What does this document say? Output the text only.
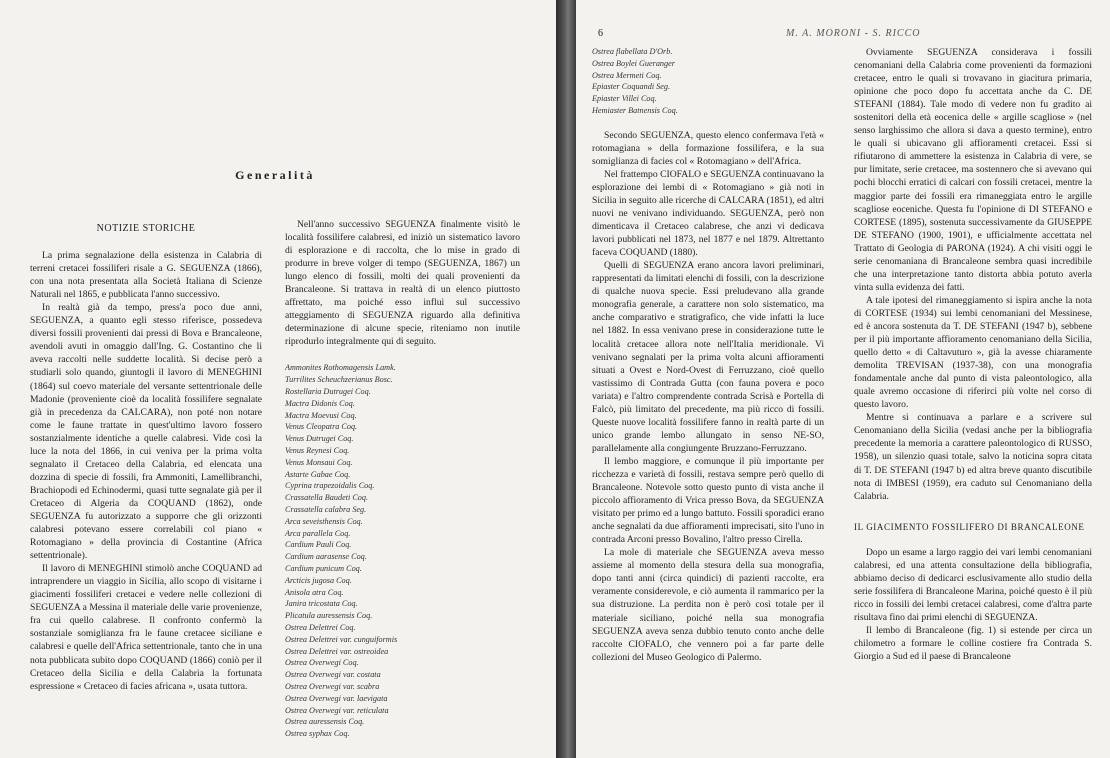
Generalità
NOTIZIE STORICHE

La prima segnalazione della esistenza in Calabria di terreni cretacei fossiliferi risale a G. SEGUENZA (1866), con una nota presentata alla Società Italiana di Scienze Naturali nel 1865, e pubblicata l'anno successivo.

In realtà già da tempo, press'a poco due anni, SEGUENZA, a quanto egli stesso riferisce, possedeva diversi fossili provenienti dai pressi di Bova e Brancaleone, avendoli avuti in omaggio dall'Ing. G. Costantino che li aveva raccolti nelle suddette località. Si decise però a studiarli solo quando, giuntogli il lavoro di MENEGHINI (1864) sul coevo materiale del versante settentrionale delle Madonie (proveniente cioè da località fossilifere segnalate già in precedenza da CALCARA), non poté non notare come le faune trattate in quest'ultimo lavoro fossero sostanzialmente identiche a quelle calabresi. Vide così la luce la nota del 1866, in cui veniva per la prima volta segnalato il Cretaceo della Calabria, ed elencata una dozzina di specie di fossili, fra Ammoniti, Lamellibranchi, Brachiopodi ed Echinodermi, quasi tutte segnalate già per il Cretaceo di Algeria da COQUAND (1862), onde SEGUENZA fu autorizzato a supporre che gli orizzonti calabresi potevano essere correlabili col piano « Rotomagiano » della provincia di Costantine (Africa settentrionale).

Il lavoro di MENEGHINI stimolò anche COQUAND ad intraprendere un viaggio in Sicilia, allo scopo di visitarne i giacimenti fossiliferi cretacei e vedere nelle collezioni di SEGUENZA a Messina il materiale delle varie provenienze, fra cui quello calabrese. Il confronto confermò la sostanziale somiglianza fra le faune cretacee siciliane e calabresi e quelle dell'Africa settentrionale, tanto che in una nota pubblicata subito dopo COQUAND (1866) coniò per il Cretaceo della Sicilia e della Calabria la fortunata espressione « Cretaceo di facies africana », usata tuttora.

Nell'anno successivo SEGUENZA finalmente visitò le località fossilifere calabresi, ed iniziò un sistematico lavoro di esplorazione e di raccolta, che lo mise in grado di produrre in breve volger di tempo (SEGUENZA, 1867) un lungo elenco di fossili, molti dei quali provenienti da Brancaleone. Si trattava in realtà di un elenco piuttosto affrettato, ma poiché esso influì sul successivo atteggiamento di SEGUENZA riguardo alla definitiva determinazione di alcune specie, riteniamo non inutile riprodurlo integralmente qui di seguito.

Ammonites Rothomagensis Lamk.
Turrilites Scheuchzerianus Bosc.
Rostellaria Dutrugei Coq.
Mactra Didonis Coq.
Mactra Moevusi Coq.
Venus Cleopatra Coq.
Venus Dutrugei Coq.
Venus Reynesi Coq.
Venus Monsaui Coq.
Astarte Gabae Coq.
Cyprina trapezoidalis Coq.
Crassatella Baudeti Coq.
Crassatella calabra Seg.
Arca seveisthensis Coq.
Arca parallela Coq.
Cardium Pauli Coq.
Cardium aarasense Coq.
Cardium punicum Coq.
Arcticis jugosa Coq.
Anisola atra Coq.
Janira tricostata Coq.
Plicatula auressensis Coq.
Ostrea Delettrei Coq.
Ostrea Delettrei var. cunguiformis
Ostrea Delettrei var. ostreoidea
Ostrea Overwegi Coq.
Ostrea Overwegi var. costata
Ostrea Overwegi var. scabra
Ostrea Overwegi var. laevigata
Ostrea Overwegi var. reticulata
Ostrea auressensis Coq.
Ostrea syphax Coq.
6	M. A. MORONI - S. RICCO
Ostrea flabellata D'Orb.
Ostrea Boylei Gueranger
Ostrea Mermeti Coq.
Epiaster Coquandi Seg.
Epiaster Villei Coq.
Hemiaster Batnensis Coq.

Secondo SEGUENZA, questo elenco confermava l'età « rotomagiana » della formazione fossilifera, e la sua somiglianza di facies col « Rotomagiano » dell'Africa.

Nel frattempo CIOFALO e SEGUENZA continuavano la esplorazione dei lembi di « Rotomagiano » già noti in Sicilia in seguito alle ricerche di CALCARA (1851), ed altri nuovi ne venivano individuando. SEGUENZA, però non dimenticava il Cretaceo calabrese, che anzi vi dedicava lavori pubblicati nel 1873, nel 1877 e nel 1879. Altrettanto faceva COQUAND (1880).

Quelli di SEGUENZA erano ancora lavori preliminari, rappresentati da limitati elenchi di fossili, con la descrizione di qualche nuova specie. Essi preludevano alla grande monografia generale, a carattere non solo sistematico, ma anche comparativo e stratigrafico, che vide infatti la luce nel 1882. In essa venivano prese in considerazione tutte le località cretacee allora note nell'Italia meridionale. Vi venivano segnalati per la prima volta alcuni affioramenti situati a Ovest e Nord-Ovest di Ferruzzano, cioè quello vastissimo di Contrada Gutta (con fauna povera e poco variata) e l'altro comprendente contrada Scrisà e Portella di Falcò, più limitato del precedente, ma più ricco di fossili. Queste nuove località fossilifere fanno in realtà parte di un unico grande lembo allungato in senso NE-SO, parallelamente alla congiungente Bruzzano-Ferruzzano.

Il lembo maggiore, e comunque il più importante per ricchezza e varietà di fossili, restava sempre però quello di Brancaleone. Notevole sotto questo punto di vista anche il piccolo affioramento di Vrica presso Bova, da SEGUENZA visitato per primo ed a lungo battuto. Fossili sporadici erano anche segnalati da due affioramenti imprecisati, sito l'uno in contrada Arconi presso Bovalino, l'altro presso Cirella.

La mole di materiale che SEGUENZA aveva messo assieme al momento della stesura della sua monografia, dopo tanti anni (circa quindici) di pazienti raccolte, era veramente considerevole, e ciò aumenta il rammarico per la sua distruzione. La perdita non è però così totale per il materiale siciliano, poiché nella sua monografia SEGUENZA aveva senza dubbio tenuto conto anche delle raccolte CIOFALO, che vennero poi a far parte delle collezioni del Museo Geologico di Palermo.

Ovviamente SEGUENZA considerava i fossili cenomaniani della Calabria come provenienti da formazioni cretacee, entro le quali si trovavano in giacitura primaria, opinione che poco dopo fu accettata anche da C. DE STEFANI (1884). Tale modo di vedere non fu gradito ai sostenitori della età eocenica delle « argille scagliose » (nel senso larghissimo che allora si dava a questo termine), entro le quali si ubicavano gli affioramenti cretacei. Essi si rifiutarono di ammettere la esistenza in Calabria di vere, se pur limitate, serie cretacee, ma sostennero che si avevano qui pochi blocchi erratici di calcari con fossili cretacei, mentre la maggior parte dei fossili era rimaneggiata entro le argille scagliose eoceniche. Questa fu l'opinione di DI STEFANO e CORTESE (1895), sostenuta successivamente da GIUSEPPE DE STEFANO (1900, 1901), e ufficialmente accettata nel Trattato di Geologia di PARONA (1924). A chi visiti oggi le serie cenomaniana di Brancaleone sembra quasi incredibile che una interpretazione tanto distorta abbia potuto averla vinta sulla evidenza dei fatti.

A tale ipotesi del rimaneggiamento si ispira anche la nota di CORTESE (1934) sui lembi cenomaniani del Messinese, ed è ancora sostenuta da T. DE STEFANI (1947 b), sebbene per il più importante affioramento cenomaniano della Sicilia, quello detto « di Caltavuturo », già la avesse chiaramente demolita TREVISAN (1937-38), con una monografia fondamentale anche dal punto di vista paleontologico, alla quale avremo occasione di riferirci più volte nel corso di questo lavoro.

Mentre si continuava a parlare e a scrivere sul Cenomaniano della Sicilia (vedasi anche per la bibliografia precedente la memoria a carattere paleontologico di RUSSO, 1958), un silenzio quasi totale, salvo la noticina sopra citata di T. DE STEFANI (1947 b) ed altra breve quanto discutibile nota di IMBESI (1959), era caduto sul Cenomaniano della Calabria.

IL GIACIMENTO FOSSILIFERO DI BRANCALEONE

Dopo un esame a largo raggio dei vari lembi cenomaniani calabresi, ed una attenta consultazione della bibliografia, abbiamo deciso di dedicarci esclusivamente allo studio della serie fossilifera di Brancaleone Marina, poiché questo è il più ricco in fossili dei lembi cretacei calabresi, come d'altra parte risultava fino dai primi elenchi di SEGUENZA.

Il lembo di Brancaleone (fig. 1) si estende per circa un chilometro a formare le colline costiere fra Contrada S. Giorgio a Sud ed il paese di Brancaleone
